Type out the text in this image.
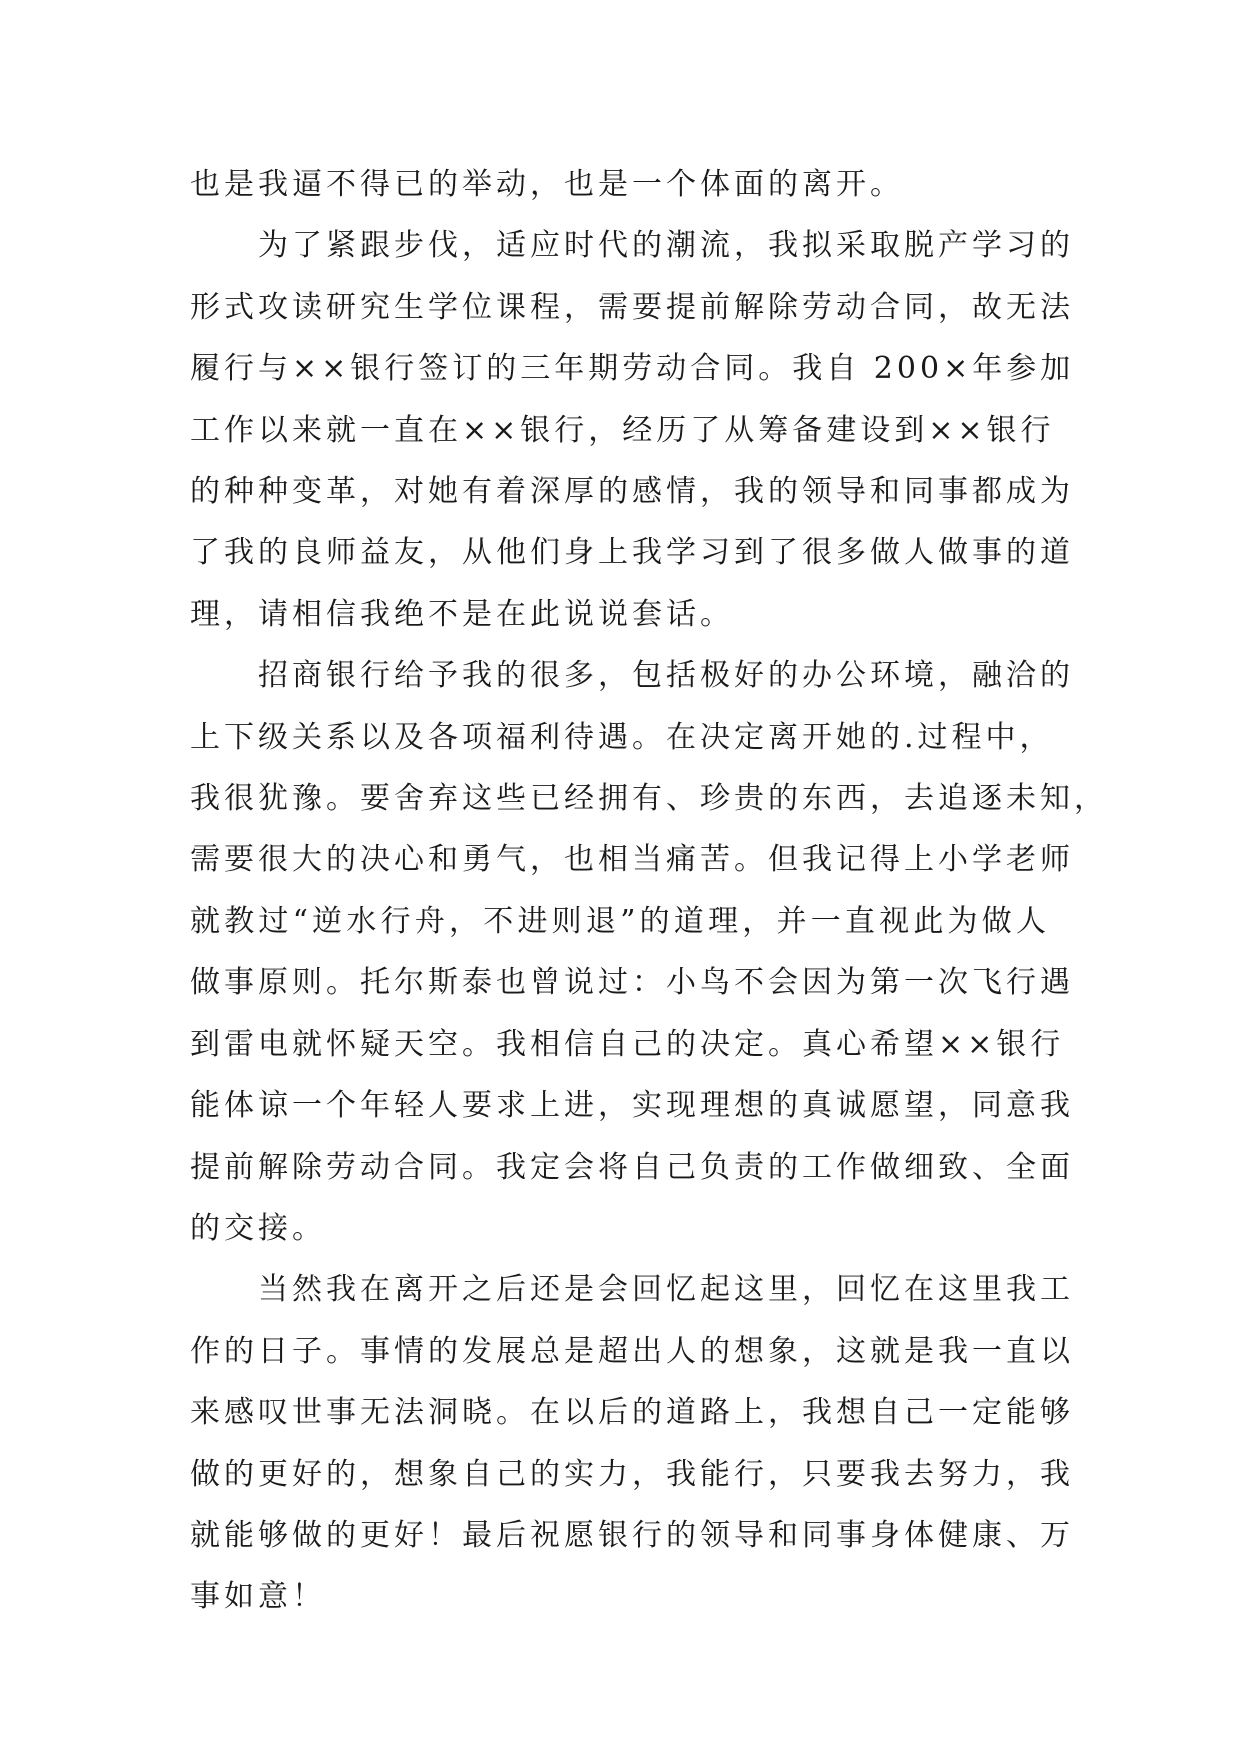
也是我逼不得已的举动，也是一个体面的离开。

为了紧跟步伐，适应时代的潮流，我拟采取脱产学习的
形式攻读研究生学位课程，需要提前解除劳动合同，故无法
履行与××银行签订的三年期劳动合同。我自 200×年参加
工作以来就一直在××银行，经历了从筹备建设到××银行
的种种变革，对她有着深厚的感情，我的领导和同事都成为
了我的良师益友，从他们身上我学习到了很多做人做事的道
理，请相信我绝不是在此说说套话。

招商银行给予我的很多，包括极好的办公环境，融洽的
上下级关系以及各项福利待遇。在决定离开她的.过程中，
我很犹豫。要舍弃这些已经拥有、珍贵的东西，去追逐未知，
需要很大的决心和勇气，也相当痛苦。但我记得上小学老师
就教过“逆水行舟，不进则退”的道理，并一直视此为做人
做事原则。托尔斯泰也曾说过：小鸟不会因为第一次飞行遇
到雷电就怀疑天空。我相信自己的决定。真心希望××银行
能体谅一个年轻人要求上进，实现理想的真诚愿望，同意我
提前解除劳动合同。我定会将自己负责的工作做细致、全面
的交接。

当然我在离开之后还是会回忆起这里，回忆在这里我工
作的日子。事情的发展总是超出人的想象，这就是我一直以
来感叹世事无法洞晓。在以后的道路上，我想自己一定能够
做的更好的，想象自己的实力，我能行，只要我去努力，我
就能够做的更好！最后祝愿银行的领导和同事身体健康、万
事如意！
